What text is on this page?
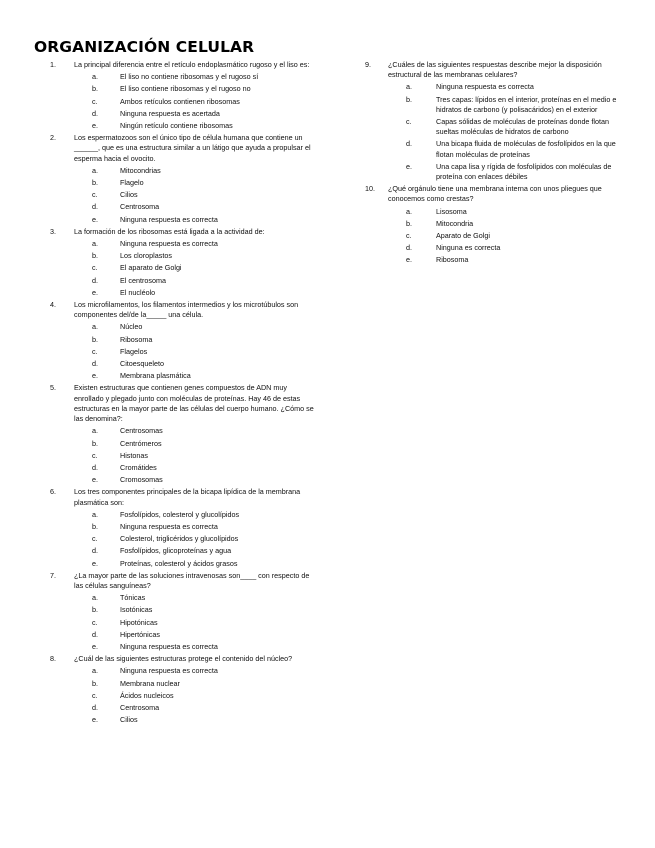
ORGANIZACIÓN CELULAR
1.	La principal diferencia entre el retículo endoplasmático rugoso y el liso es:
a.	El liso no contiene ribosomas y el rugoso sí
b.	El liso contiene ribosomas y el rugoso no
c.	Ambos retículos contienen ribosomas
d.	Ninguna respuesta es acertada
e.	Ningún retículo contiene ribosomas
2.	Los espermatozoos son el único tipo de célula humana que contiene un ______, que es una estructura similar a un látigo que ayuda a propulsar el esperma hacia el ovocito.
a.	Mitocondrias
b.	Flagelo
c.	Cilios
d.	Centrosoma
e.	Ninguna respuesta es correcta
3.	La formación de los ribosomas está ligada a la actividad de:
a.	Ninguna respuesta es correcta
b.	Los cloroplastos
c.	El aparato de Golgi
d.	El centrosoma
e.	El nucléolo
4.	Los microfilamentos, los filamentos intermedios y los microtúbulos son componentes del/de la_____ una célula.
a.	Núcleo
b.	Ribosoma
c.	Flagelos
d.	Citoesqueleto
e.	Membrana plasmática
5.	Existen estructuras que contienen genes compuestos de ADN muy enrollado y plegado junto con moléculas de proteínas. Hay 46 de estas estructuras en la mayor parte de las células del cuerpo humano. ¿Cómo se las denomina?:
a.	Centrosomas
b.	Centrómeros
c.	Histonas
d.	Cromátides
e.	Cromosomas
6.	Los tres componentes principales de la bicapa lipídica de la membrana plasmática son:
a.	Fosfolípidos, colesterol y glucolípidos
b.	Ninguna respuesta es correcta
c.	Colesterol, triglicéridos y glucolípidos
d.	Fosfolípidos, glicoproteínas y agua
e.	Proteínas, colesterol y ácidos grasos
7.	¿La mayor parte de las soluciones intravenosas son____ con respecto de las células sanguíneas?
a.	Tónicas
b.	Isotónicas
c.	Hipotónicas
d.	Hipertónicas
e.	Ninguna respuesta es correcta
8.	¿Cuál de las siguientes estructuras protege el contenido del núcleo?
a.	Ninguna respuesta es correcta
b.	Membrana nuclear
c.	Ácidos nucleicos
d.	Centrosoma
e.	Cilios
9. ¿Cuáles de las siguientes respuestas describe mejor la disposición estructural de las membranas celulares?
a.	Ninguna respuesta es correcta
b.	Tres capas: lípidos en el interior, proteínas en el medio e hidratos de carbono (y polisacáridos) en el exterior
c.	Capas sólidas de moléculas de proteínas donde flotan sueltas moléculas de hidratos de carbono
d.	Una bicapa fluida de moléculas de fosfolípidos en la que flotan moléculas de proteínas
e.	Una capa lisa y rígida de fosfolípidos con moléculas de proteína con enlaces débiles
10. ¿Qué orgánulo tiene una membrana interna con unos pliegues que conocemos como crestas?
a.	Lisosoma
b.	Mitocondria
c.	Aparato de Golgi
d.	Ninguna es correcta
e.	Ribosoma
